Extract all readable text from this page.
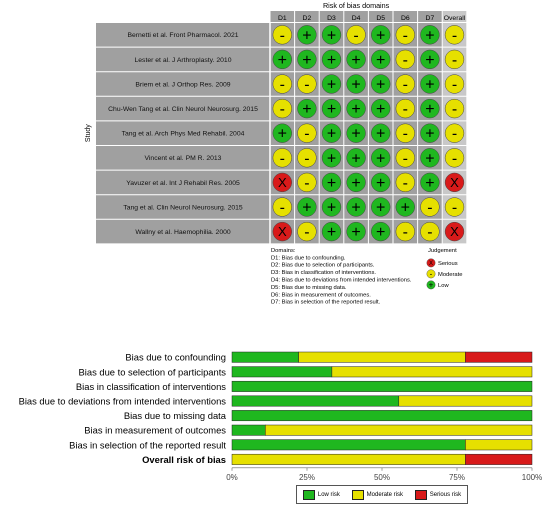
Risk of bias domains
D1 D2 D3 D4 D5 D6 D7 Overall
Study
Bernetti et al. Front Pharmacol. 2021	- + + - + - + -
Lester et al. J Arthroplasty. 2010	+ + + + + - + -
Briem et al. J Orthop Res. 2009	- - + + + - + -
Chu-Wen Tang et al. Clin Neurol Neurosurg. 2015 - + + + + - + -
Tang et al. Arch Phys Med Rehabil. 2004 + - + + + - + -
Vincent et al. PM R. 2013	- - + + + - + -
Yavuzer et al. Int J Rehabil Res. 2005	X - + + + - + X
Tang et al. Clin Neurol Neurosurg. 2015 - + + + + + - -
Wallny et al. Haemophilia. 2000	X - + + + - - X
Domains:
D1: Bias due to confounding.
D2: Bias due to selection of participants.
D3: Bias in classification of interventions.
D4: Bias due to deviations from intended interventions.
D5: Bias due to missing data.
D6: Bias in measurement of outcomes.
D7: Bias in selection of the reported result.
Judgement
X Serious
- Moderate
+ Low
Bias due to confounding
Bias due to selection of participants
Bias in classification of interventions
Bias due to deviations from intended interventions
Bias due to missing data
Bias in measurement of outcomes
Bias in selection of the reported result
Overall risk of bias
0%	25%	50%	75%	100%
Low risk	Moderate risk	Serious risk
